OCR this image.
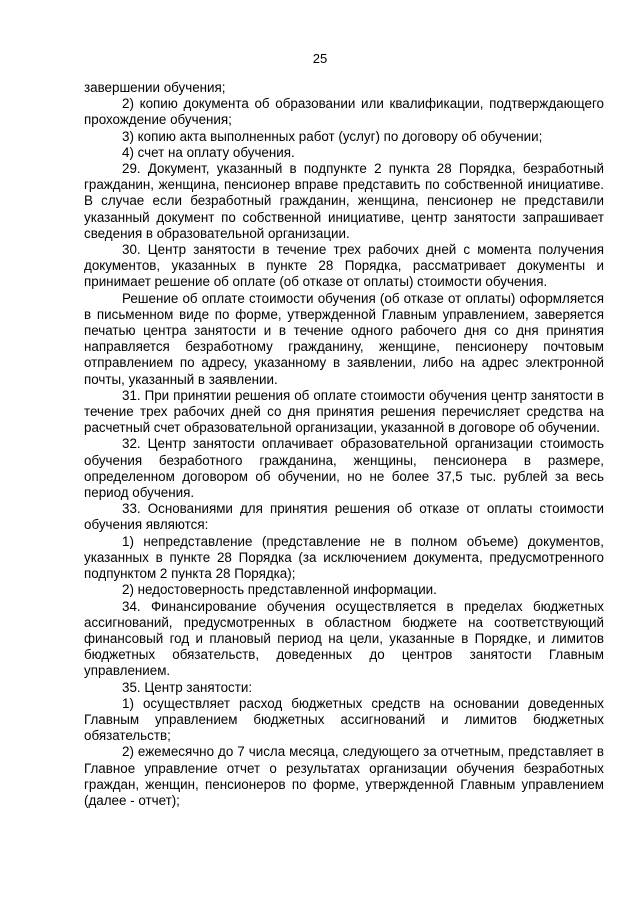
25

завершении обучения;

2) копию документа об образовании или квалификации, подтверждающего прохождение обучения;

3) копию акта выполненных работ (услуг) по договору об обучении;

4) счет на оплату обучения.

29. Документ, указанный в подпункте 2 пункта 28 Порядка, безработный гражданин, женщина, пенсионер вправе представить по собственной инициативе. В случае если безработный гражданин, женщина, пенсионер не представили указанный документ по собственной инициативе, центр занятости запрашивает сведения в образовательной организации.

30. Центр занятости в течение трех рабочих дней с момента получения документов, указанных в пункте 28 Порядка, рассматривает документы и принимает решение об оплате (об отказе от оплаты) стоимости обучения.

Решение об оплате стоимости обучения (об отказе от оплаты) оформляется в письменном виде по форме, утвержденной Главным управлением, заверяется печатью центра занятости и в течение одного рабочего дня со дня принятия направляется безработному гражданину, женщине, пенсионеру почтовым отправлением по адресу, указанному в заявлении, либо на адрес электронной почты, указанный в заявлении.

31. При принятии решения об оплате стоимости обучения центр занятости в течение трех рабочих дней со дня принятия решения перечисляет средства на расчетный счет образовательной организации, указанной в договоре об обучении.

32. Центр занятости оплачивает образовательной организации стоимость обучения безработного гражданина, женщины, пенсионера в размере, определенном договором об обучении, но не более 37,5 тыс. рублей за весь период обучения.

33. Основаниями для принятия решения об отказе от оплаты стоимости обучения являются:

1) непредставление (представление не в полном объеме) документов, указанных в пункте 28 Порядка (за исключением документа, предусмотренного подпунктом 2 пункта 28 Порядка);

2) недостоверность представленной информации.

34. Финансирование обучения осуществляется в пределах бюджетных ассигнований, предусмотренных в областном бюджете на соответствующий финансовый год и плановый период на цели, указанные в Порядке, и лимитов бюджетных обязательств, доведенных до центров занятости Главным управлением.

35. Центр занятости:

1) осуществляет расход бюджетных средств на основании доведенных Главным управлением бюджетных ассигнований и лимитов бюджетных обязательств;

2) ежемесячно до 7 числа месяца, следующего за отчетным, представляет в Главное управление отчет о результатах организации обучения безработных граждан, женщин, пенсионеров по форме, утвержденной Главным управлением (далее - отчет);
